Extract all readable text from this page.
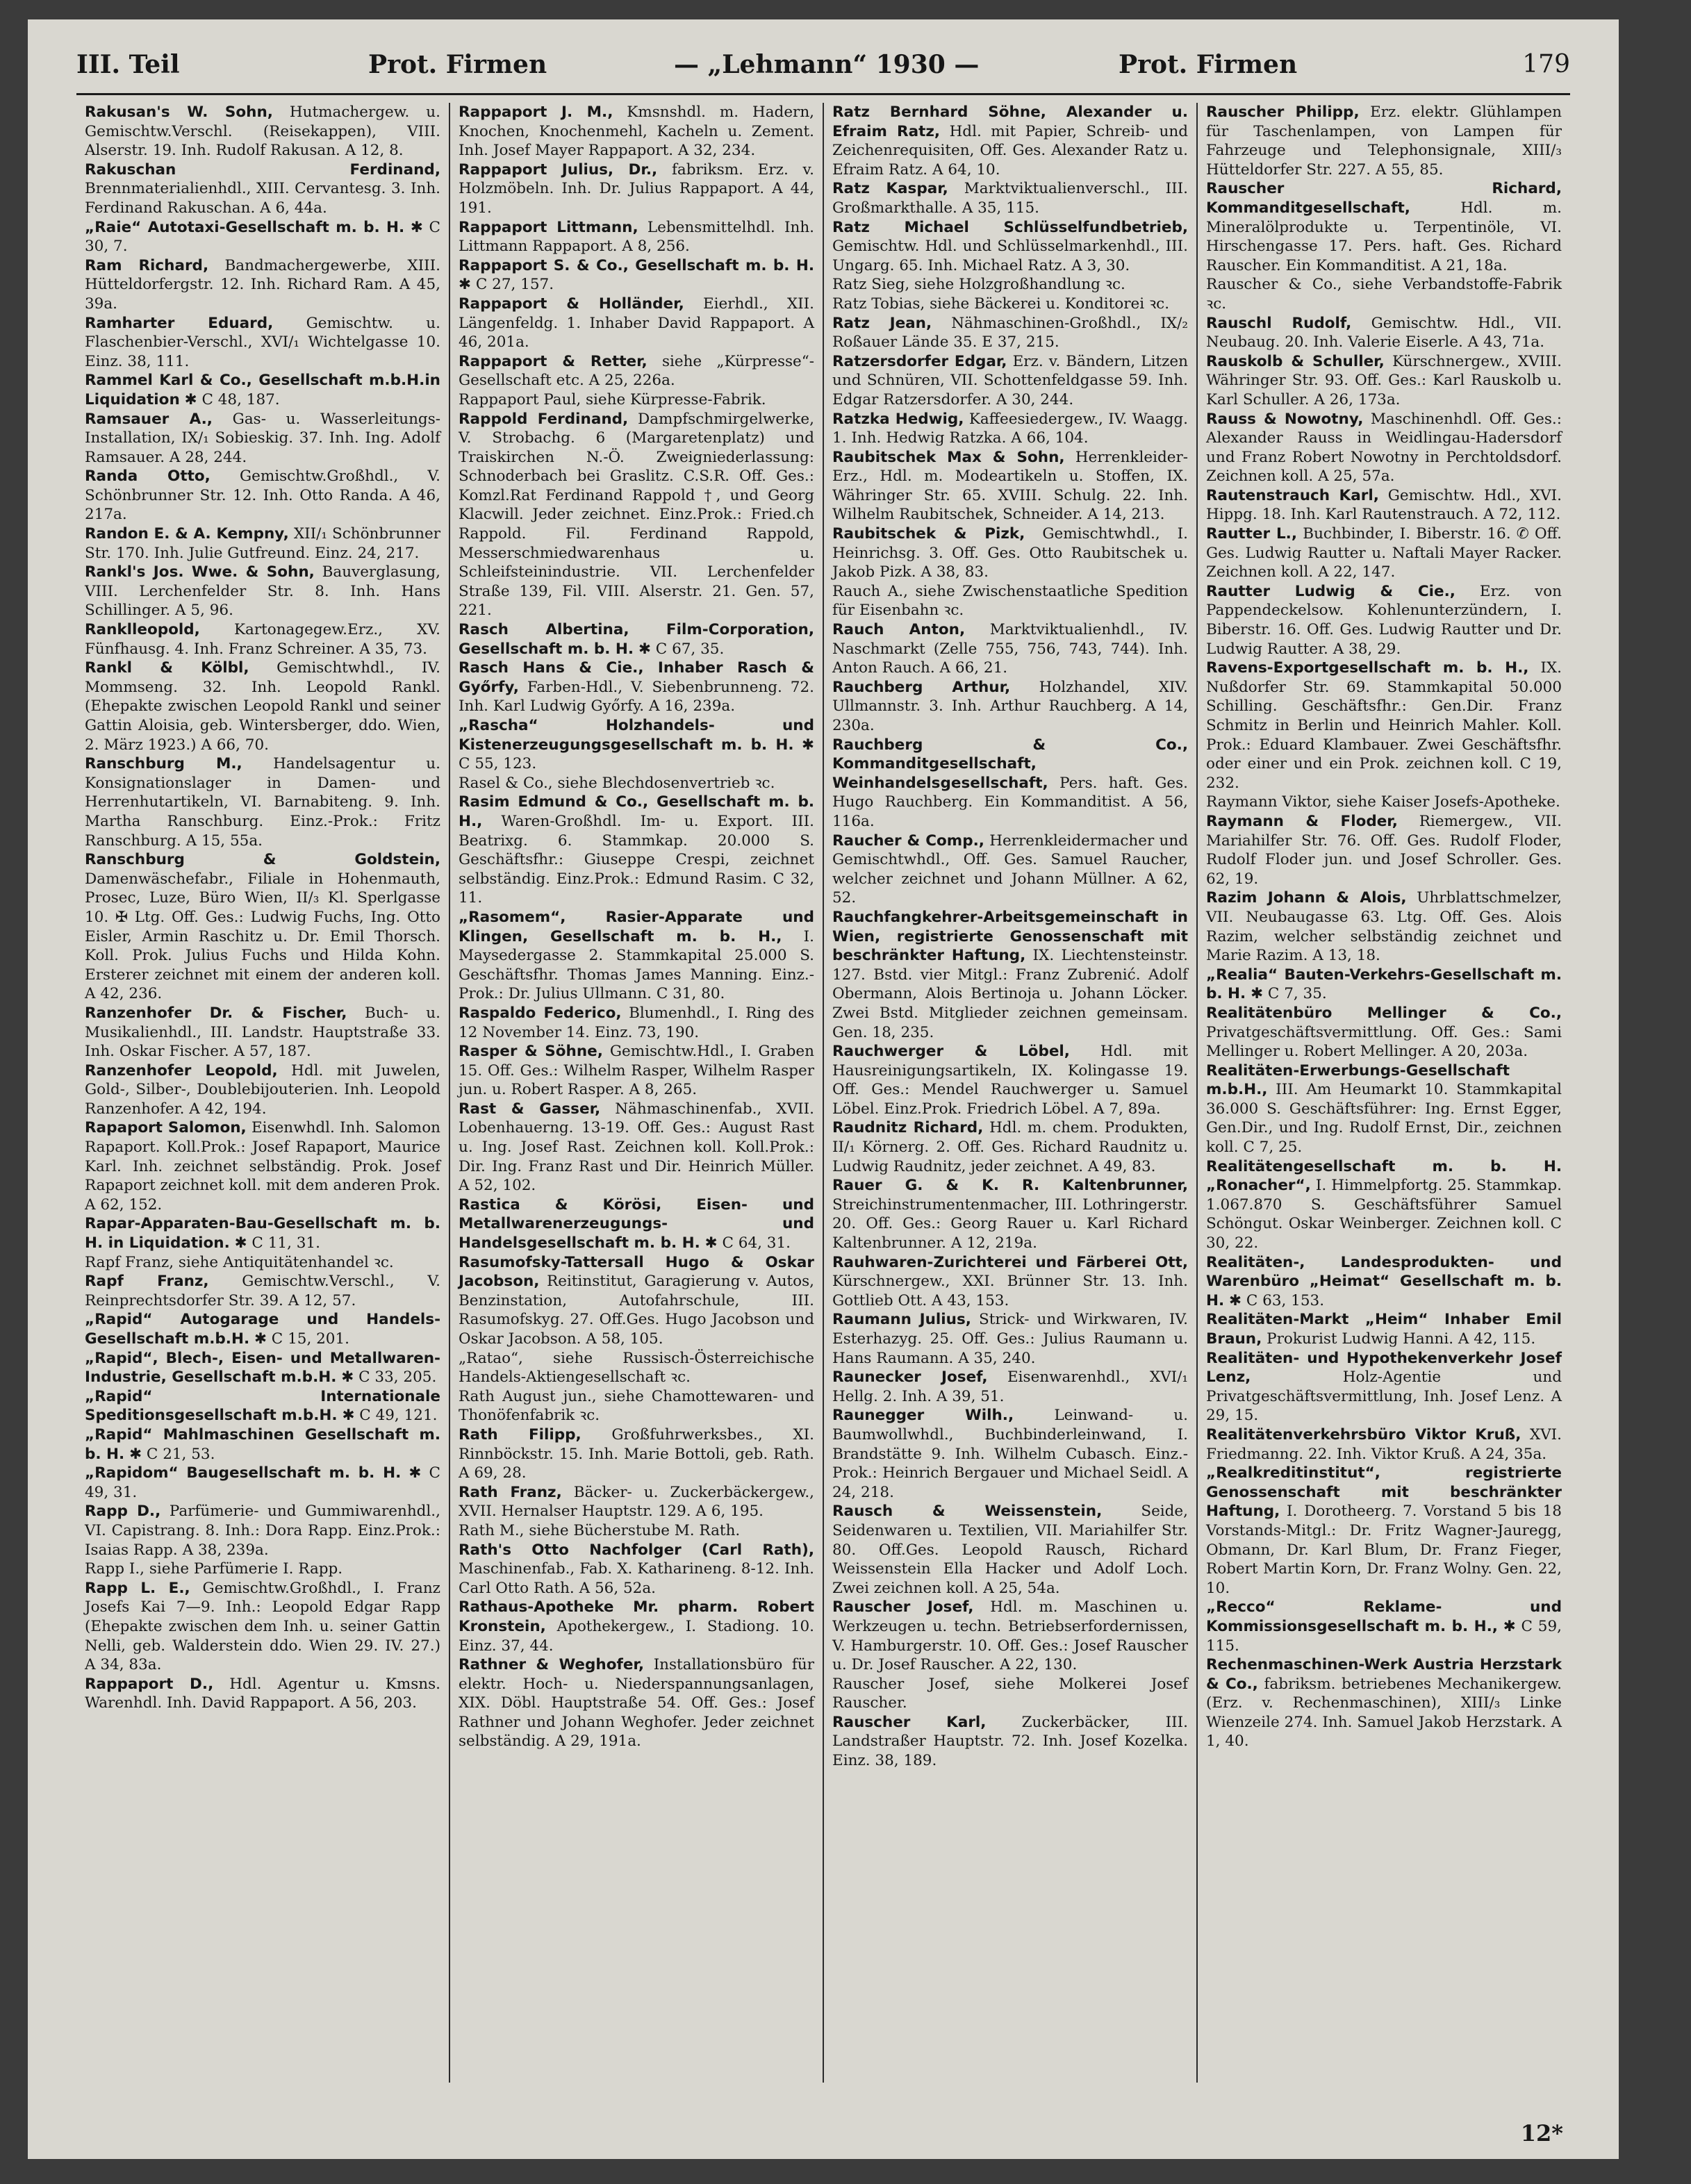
III. Teil	Prot. Firmen	— „Lehmann“ 1930 —	Prot. Firmen	179

Rakusan's W. Sohn, Hutmachergew. u. Gemischtw.Verschl. (Reisekappen), VIII. Alserstr. 19. Inh. Rudolf Rakusan. A 12, 8.

Rakuschan Ferdinand, Brennmaterialienhdl., XIII. Cervantesg. 3. Inh. Ferdinand Rakuschan. A 6, 44a.

„Raie“ Autotaxi-Gesellschaft m. b. H. ✱ C 30, 7.

Ram Richard, Bandmachergewerbe, XIII. Hütteldorfergstr. 12. Inh. Richard Ram. A 45, 39a.

Ramharter Eduard, Gemischtw. u. Flaschenbier-Verschl., XVI/₁ Wichtelgasse 10. Einz. 38, 111.

Rammel Karl & Co., Gesellschaft m.b.H.in Liquidation ✱ C 48, 187.

Ramsauer A., Gas- u. Wasserleitungs-Installation, IX/₁ Sobieskig. 37. Inh. Ing. Adolf Ramsauer. A 28, 244.

Randa Otto, Gemischtw.Großhdl., V. Schönbrunner Str. 12. Inh. Otto Randa. A 46, 217a.

Randon E. & A. Kempny, XII/₁ Schönbrunner Str. 170. Inh. Julie Gutfreund. Einz. 24, 217.

Rankl's Jos. Wwe. & Sohn, Bauverglasung, VIII. Lerchenfelder Str. 8. Inh. Hans Schillinger. A 5, 96.

Ranklleopold, Kartonagegew.Erz., XV. Fünfhausg. 4. Inh. Franz Schreiner. A 35, 73.

Rankl & Kölbl, Gemischtwhdl., IV. Mommseng. 32. Inh. Leopold Rankl. (Ehepakte zwischen Leopold Rankl und seiner Gattin Aloisia, geb. Wintersberger, ddo. Wien, 2. März 1923.) A 66, 70.

Ranschburg M., Handelsagentur u. Konsignationslager in Damen- und Herrenhutartikeln, VI. Barnabiteng. 9. Inh. Martha Ranschburg. Einz.-Prok.: Fritz Ranschburg. A 15, 55a.

Ranschburg & Goldstein, Damenwäschefabr., Filiale in Hohenmauth, Prosec, Luze, Büro Wien, II/₃ Kl. Sperlgasse 10. ✠ Ltg. Off. Ges.: Ludwig Fuchs, Ing. Otto Eisler, Armin Raschitz u. Dr. Emil Thorsch. Koll. Prok. Julius Fuchs und Hilda Kohn. Ersterer zeichnet mit einem der anderen koll. A 42, 236.

Ranzenhofer Dr. & Fischer, Buch- u. Musikalienhdl., III. Landstr. Hauptstraße 33. Inh. Oskar Fischer. A 57, 187.

Ranzenhofer Leopold, Hdl. mit Juwelen, Gold-, Silber-, Doublebijouterien. Inh. Leopold Ranzenhofer. A 42, 194.

Rapaport Salomon, Eisenwhdl. Inh. Salomon Rapaport. Koll.Prok.: Josef Rapaport, Maurice Karl. Inh. zeichnet selbständig. Prok. Josef Rapaport zeichnet koll. mit dem anderen Prok. A 62, 152.

Rapar-Apparaten-Bau-Gesellschaft m. b. H. in Liquidation. ✱ C 11, 31.

Rapf Franz, siehe Antiquitätenhandel ꝛc.

Rapf Franz, Gemischtw.Verschl., V. Reinprechtsdorfer Str. 39. A 12, 57.

„Rapid“ Autogarage und Handels-Gesellschaft m.b.H. ✱ C 15, 201.

„Rapid“, Blech-, Eisen- und Metallwaren-Industrie, Gesellschaft m.b.H. ✱ C 33, 205.

„Rapid“ Internationale Speditionsgesellschaft m.b.H. ✱ C 49, 121.

„Rapid“ Mahlmaschinen Gesellschaft m. b. H. ✱ C 21, 53.

„Rapidom“ Baugesellschaft m. b. H. ✱ C 49, 31.

Rapp D., Parfümerie- und Gummiwarenhdl., VI. Capistrang. 8. Inh.: Dora Rapp. Einz.Prok.: Isaias Rapp. A 38, 239a.

Rapp I., siehe Parfümerie I. Rapp.

Rapp L. E., Gemischtw.Großhdl., I. Franz Josefs Kai 7—9. Inh.: Leopold Edgar Rapp (Ehepakte zwischen dem Inh. u. seiner Gattin Nelli, geb. Walderstein ddo. Wien 29. IV. 27.) A 34, 83a.

Rappaport D., Hdl. Agentur u. Kmsns. Warenhdl. Inh. David Rappaport. A 56, 203.

Rappaport J. M., Kmsnshdl. m. Hadern, Knochen, Knochenmehl, Kacheln u. Zement. Inh. Josef Mayer Rappaport. A 32, 234.

Rappaport Julius, Dr., fabriksm. Erz. v. Holzmöbeln. Inh. Dr. Julius Rappaport. A 44, 191.

Rappaport Littmann, Lebensmittelhdl. Inh. Littmann Rappaport. A 8, 256.

Rappaport S. & Co., Gesellschaft m. b. H. ✱ C 27, 157.

Rappaport & Holländer, Eierhdl., XII. Längenfeldg. 1. Inhaber David Rappaport. A 46, 201a.

Rappaport & Retter, siehe „Kürpresse“-Gesellschaft etc. A 25, 226a.

Rappaport Paul, siehe Kürpresse-Fabrik.

Rappold Ferdinand, Dampfschmirgelwerke, V. Strobachg. 6 (Margaretenplatz) und Traiskirchen N.-Ö. Zweigniederlassung: Schnoderbach bei Graslitz. C.S.R. Off. Ges.: Komzl.Rat Ferdinand Rappold †, und Georg Klacwill. Jeder zeichnet. Einz.Prok.: Fried.ch Rappold. Fil. Ferdinand Rappold, Messerschmiedwarenhaus u. Schleifsteinindustrie. VII. Lerchenfelder Straße 139, Fil. VIII. Alserstr. 21. Gen. 57, 221.

Rasch Albertina, Film-Corporation, Gesellschaft m. b. H. ✱ C 67, 35.

Rasch Hans & Cie., Inhaber Rasch & Győrfy, Farben-Hdl., V. Siebenbrunneng. 72. Inh. Karl Ludwig Győrfy. A 16, 239a.

„Rascha“ Holzhandels- und Kistenerzeugungsgesellschaft m. b. H. ✱ C 55, 123.

Rasel & Co., siehe Blechdosenvertrieb ꝛc.

Rasim Edmund & Co., Gesellschaft m. b. H., Waren-Großhdl. Im- u. Export. III. Beatrixg. 6. Stammkap. 20.000 S. Geschäftsfhr.: Giuseppe Crespi, zeichnet selbständig. Einz.Prok.: Edmund Rasim. C 32, 11.

„Rasomem“, Rasier-Apparate und Klingen, Gesellschaft m. b. H., I. Maysedergasse 2. Stammkapital 25.000 S. Geschäftsfhr. Thomas James Manning. Einz.-Prok.: Dr. Julius Ullmann. C 31, 80.

Raspaldo Federico, Blumenhdl., I. Ring des 12 November 14. Einz. 73, 190.

Rasper & Söhne, Gemischtw.Hdl., I. Graben 15. Off. Ges.: Wilhelm Rasper, Wilhelm Rasper jun. u. Robert Rasper. A 8, 265.

Rast & Gasser, Nähmaschinenfab., XVII. Lobenhauerng. 13-19. Off. Ges.: August Rast u. Ing. Josef Rast. Zeichnen koll. Koll.Prok.: Dir. Ing. Franz Rast und Dir. Heinrich Müller. A 52, 102.

Rastica & Körösi, Eisen- und Metallwarenerzeugungs- und Handelsgesellschaft m. b. H. ✱ C 64, 31.

Rasumofsky-Tattersall Hugo & Oskar Jacobson, Reitinstitut, Garagierung v. Autos, Benzinstation, Autofahrschule, III. Rasumofskyg. 27. Off.Ges. Hugo Jacobson und Oskar Jacobson. A 58, 105.

„Ratao“, siehe Russisch-Österreichische Handels-Aktiengesellschaft ꝛc.

Rath August jun., siehe Chamottewaren- und Thonöfenfabrik ꝛc.

Rath Filipp, Großfuhrwerksbes., XI. Rinnböckstr. 15. Inh. Marie Bottoli, geb. Rath. A 69, 28.

Rath Franz, Bäcker- u. Zuckerbäckergew., XVII. Hernalser Hauptstr. 129. A 6, 195.

Rath M., siehe Bücherstube M. Rath.

Rath's Otto Nachfolger (Carl Rath), Maschinenfab., Fab. X. Katharineng. 8-12. Inh. Carl Otto Rath. A 56, 52a.

Rathaus-Apotheke Mr. pharm. Robert Kronstein, Apothekergew., I. Stadiong. 10. Einz. 37, 44.

Rathner & Weghofer, Installationsbüro für elektr. Hoch- u. Niederspannungsanlagen, XIX. Döbl. Hauptstraße 54. Off. Ges.: Josef Rathner und Johann Weghofer. Jeder zeichnet selbständig. A 29, 191a.

Ratz Bernhard Söhne, Alexander u. Efraim Ratz, Hdl. mit Papier, Schreib- und Zeichenrequisiten, Off. Ges. Alexander Ratz u. Efraim Ratz. A 64, 10.

Ratz Kaspar, Marktviktualienverschl., III. Großmarkthalle. A 35, 115.

Ratz Michael Schlüsselfundbetrieb, Gemischtw. Hdl. und Schlüsselmarkenhdl., III. Ungarg. 65. Inh. Michael Ratz. A 3, 30.

Ratz Sieg, siehe Holzgroßhandlung ꝛc.

Ratz Tobias, siehe Bäckerei u. Konditorei ꝛc.

Ratz Jean, Nähmaschinen-Großhdl., IX/₂ Roßauer Lände 35. E 37, 215.

Ratzersdorfer Edgar, Erz. v. Bändern, Litzen und Schnüren, VII. Schottenfeldgasse 59. Inh. Edgar Ratzersdorfer. A 30, 244.

Ratzka Hedwig, Kaffeesiedergew., IV. Waagg. 1. Inh. Hedwig Ratzka. A 66, 104.

Raubitschek Max & Sohn, Herrenkleider-Erz., Hdl. m. Modeartikeln u. Stoffen, IX. Währinger Str. 65. XVIII. Schulg. 22. Inh. Wilhelm Raubitschek, Schneider. A 14, 213.

Raubitschek & Pizk, Gemischtwhdl., I. Heinrichsg. 3. Off. Ges. Otto Raubitschek u. Jakob Pizk. A 38, 83.

Rauch A., siehe Zwischenstaatliche Spedition für Eisenbahn ꝛc.

Rauch Anton, Marktviktualienhdl., IV. Naschmarkt (Zelle 755, 756, 743, 744). Inh. Anton Rauch. A 66, 21.

Rauchberg Arthur, Holzhandel, XIV. Ullmannstr. 3. Inh. Arthur Rauchberg. A 14, 230a.

Rauchberg & Co., Kommanditgesellschaft, Weinhandelsgesellschaft, Pers. haft. Ges. Hugo Rauchberg. Ein Kommanditist. A 56, 116a.

Raucher & Comp., Herrenkleidermacher und Gemischtwhdl., Off. Ges. Samuel Raucher, welcher zeichnet und Johann Müllner. A 62, 52.

Rauchfangkehrer-Arbeitsgemeinschaft in Wien, registrierte Genossenschaft mit beschränkter Haftung, IX. Liechtensteinstr. 127. Bstd. vier Mitgl.: Franz Zubrenić. Adolf Obermann, Alois Bertinoja u. Johann Löcker. Zwei Bstd. Mitglieder zeichnen gemeinsam. Gen. 18, 235.

Rauchwerger & Löbel, Hdl. mit Hausreinigungsartikeln, IX. Kolingasse 19. Off. Ges.: Mendel Rauchwerger u. Samuel Löbel. Einz.Prok. Friedrich Löbel. A 7, 89a.

Raudnitz Richard, Hdl. m. chem. Produkten, II/₁ Körnerg. 2. Off. Ges. Richard Raudnitz u. Ludwig Raudnitz, jeder zeichnet. A 49, 83.

Rauer G. & K. R. Kaltenbrunner, Streichinstrumentenmacher, III. Lothringerstr. 20. Off. Ges.: Georg Rauer u. Karl Richard Kaltenbrunner. A 12, 219a.

Rauhwaren-Zurichterei und Färberei Ott, Kürschnergew., XXI. Brünner Str. 13. Inh. Gottlieb Ott. A 43, 153.

Raumann Julius, Strick- und Wirkwaren, IV. Esterhazyg. 25. Off. Ges.: Julius Raumann u. Hans Raumann. A 35, 240.

Raunecker Josef, Eisenwarenhdl., XVI/₁ Hellg. 2. Inh. A 39, 51.

Raunegger Wilh.,	Leinwand- u. Baumwollwhdl., Buchbinderleinwand, I. Brandstätte 9. Inh. Wilhelm Cubasch. Einz.-Prok.: Heinrich Bergauer und Michael Seidl. A 24, 218.

Rausch & Weissenstein,	Seide, Seidenwaren u. Textilien, VII. Mariahilfer Str. 80. Off.Ges. Leopold Rausch, Richard Weissenstein Ella Hacker und Adolf Loch. Zwei zeichnen koll. A 25, 54a.

Rauscher Josef, Hdl. m. Maschinen u. Werkzeugen u. techn. Betriebserfordernissen, V. Hamburgerstr. 10. Off. Ges.: Josef Rauscher u. Dr. Josef Rauscher. A 22, 130.

Rauscher Josef, siehe Molkerei Josef Rauscher.

Rauscher Karl, Zuckerbäcker, III. Landstraßer Hauptstr. 72. Inh. Josef Kozelka. Einz. 38, 189.

Rauscher Philipp, Erz. elektr. Glühlampen für Taschenlampen, von Lampen für Fahrzeuge und Telephonsignale, XIII/₃ Hütteldorfer Str. 227. A 55, 85.

Rauscher Richard, Kommanditgesellschaft,	Hdl. m. Mineralölprodukte u. Terpentinöle, VI. Hirschengasse 17. Pers. haft. Ges. Richard Rauscher. Ein Kommanditist. A 21, 18a.

Rauscher & Co., siehe Verbandstoffe-Fabrik ꝛc.

Rauschl Rudolf, Gemischtw. Hdl., VII. Neubaug. 20. Inh. Valerie Eiserle. A 43, 71a.

Rauskolb & Schuller, Kürschnergew., XVIII. Währinger Str. 93. Off. Ges.: Karl Rauskolb u. Karl Schuller. A 26, 173a.

Rauss & Nowotny, Maschinenhdl. Off. Ges.: Alexander Rauss in Weidlingau-Hadersdorf und Franz Robert Nowotny in Perchtoldsdorf. Zeichnen koll. A 25, 57a.

Rautenstrauch Karl, Gemischtw. Hdl., XVI. Hippg. 18. Inh. Karl Rautenstrauch. A 72, 112.

Rautter L., Buchbinder, I. Biberstr. 16. ✆ Off. Ges. Ludwig Rautter u. Naftali Mayer Racker. Zeichnen koll. A 22, 147.

Rautter Ludwig & Cie., Erz. von Pappendeckelsow. Kohlenunterzündern, I. Biberstr. 16. Off. Ges. Ludwig Rautter und Dr. Ludwig Rautter. A 38, 29.

Ravens-Exportgesellschaft m. b. H., IX. Nußdorfer Str. 69. Stammkapital 50.000 Schilling. Geschäftsfhr.: Gen.Dir. Franz Schmitz in Berlin und Heinrich Mahler. Koll. Prok.: Eduard Klambauer. Zwei Geschäftsfhr. oder einer und ein Prok. zeichnen koll. C 19, 232.

Raymann Viktor, siehe Kaiser Josefs-Apotheke.

Raymann & Floder, Riemergew., VII. Mariahilfer Str. 76. Off. Ges. Rudolf Floder, Rudolf Floder jun. und Josef Schroller. Ges. 62, 19.

Razim Johann & Alois, Uhrblattschmelzer, VII. Neubaugasse 63. Ltg. Off. Ges. Alois Razim, welcher selbständig zeichnet und Marie Razim. A 13, 18.

„Realia“ Bauten-Verkehrs-Gesellschaft m. b. H. ✱ C 7, 35.

Realitätenbüro Mellinger & Co., Privatgeschäftsvermittlung. Off. Ges.: Sami Mellinger u. Robert Mellinger. A 20, 203a.

Realitäten-Erwerbungs-Gesellschaft m.b.H., III. Am Heumarkt 10. Stammkapital 36.000 S. Geschäftsführer: Ing. Ernst Egger, Gen.Dir., und Ing. Rudolf Ernst, Dir., zeichnen koll. C 7, 25.

Realitätengesellschaft m. b. H. „Ronacher“, I. Himmelpfortg. 25. Stammkap. 1.067.870 S. Geschäftsführer Samuel Schöngut. Oskar Weinberger. Zeichnen koll. C 30, 22.

Realitäten-, Landesprodukten- und Warenbüro „Heimat“ Gesellschaft m. b. H. ✱ C 63, 153.

Realitäten-Markt „Heim“ Inhaber Emil Braun, Prokurist Ludwig Hanni. A 42, 115.

Realitäten- und Hypothekenverkehr Josef Lenz,	Holz-Agentie und Privatgeschäftsvermittlung, Inh. Josef Lenz. A 29, 15.

Realitätenverkehrsbüro Viktor Kruß, XVI. Friedmanng. 22. Inh. Viktor Kruß. A 24, 35a.

„Realkreditinstitut“, registrierte Genossenschaft mit beschränkter Haftung, I. Dorotheerg. 7. Vorstand 5 bis 18 Vorstands-Mitgl.: Dr. Fritz Wagner-Jauregg, Obmann, Dr. Karl Blum, Dr. Franz Fieger, Robert Martin Korn, Dr. Franz Wolny. Gen. 22, 10.

„Recco“ Reklame- und Kommissionsgesellschaft m. b. H., ✱ C 59, 115.

Rechenmaschinen-Werk Austria Herzstark & Co., fabriksm. betriebenes Mechanikergew. (Erz. v. Rechenmaschinen), XIII/₃ Linke Wienzeile 274. Inh. Samuel Jakob Herzstark. A 1, 40.

12*
